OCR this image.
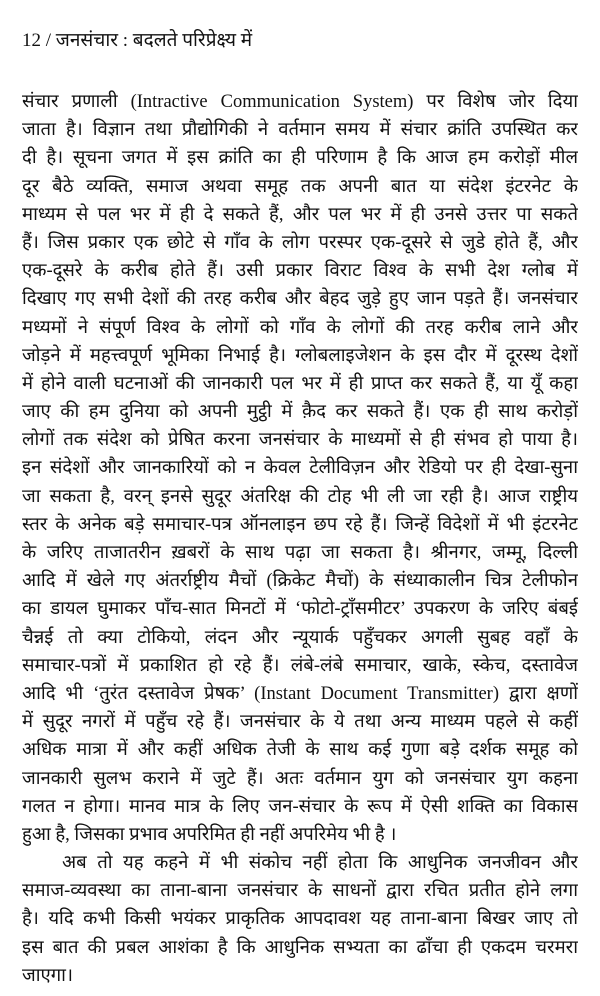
12 / जनसंचार : बदलते परिप्रेक्ष्य में
संचार प्रणाली (Intractive Communication System) पर विशेष जोर दिया
जाता है। विज्ञान तथा प्रौद्योगिकी ने वर्तमान समय में संचार क्रांति उपस्थित कर
दी है। सूचना जगत में इस क्रांति का ही परिणाम है कि आज हम करोड़ों मील
दूर बैठे व्यक्ति, समाज अथवा समूह तक अपनी बात या संदेश इंटरनेट के
माध्यम से पल भर में ही दे सकते हैं, और पल भर में ही उनसे उत्तर पा सकते
हैं। जिस प्रकार एक छोटे से गाँव के लोग परस्पर एक-दूसरे से जुडे होते हैं, और
एक-दूसरे के करीब होते हैं। उसी प्रकार विराट विश्व के सभी देश ग्लोब में
दिखाए गए सभी देशों की तरह करीब और बेहद जुड़े हुए जान पड़ते हैं। जनसंचार
मध्यमों ने संपूर्ण विश्व के लोगों को गाँव के लोगों की तरह करीब लाने और
जोड़ने में महत्त्वपूर्ण भूमिका निभाई है। ग्लोबलाइजेशन के इस दौर में दूरस्थ देशों
में होने वाली घटनाओं की जानकारी पल भर में ही प्राप्त कर सकते हैं, या यूँ कहा
जाए की हम दुनिया को अपनी मुट्ठी में क़ैद कर सकते हैं। एक ही साथ करोड़ों
लोगों तक संदेश को प्रेषित करना जनसंचार के माध्यमों से ही संभव हो पाया है।
इन संदेशों और जानकारियों को न केवल टेलीविज़न और रेडियो पर ही देखा-सुना
जा सकता है, वरन् इनसे सुदूर अंतरिक्ष की टोह भी ली जा रही है। आज राष्ट्रीय
स्तर के अनेक बड़े समाचार-पत्र ऑनलाइन छप रहे हैं। जिन्हें विदेशों में भी इंटरनेट
के जरिए ताजातरीन ख़बरों के साथ पढ़ा जा सकता है। श्रीनगर, जम्मू, दिल्ली
आदि में खेले गए अंतर्राष्ट्रीय मैचों (क्रिकेट मैचों) के संध्याकालीन चित्र टेलीफोन
का डायल घुमाकर पाँच-सात मिनटों में ‘फोटो-ट्राँसमीटर’ उपकरण के जरिए बंबई
चैन्नई तो क्या टोकियो, लंदन और न्यूयार्क पहुँचकर अगली सुबह वहाँ के
समाचार-पत्रों में प्रकाशित हो रहे हैं। लंबे-लंबे समाचार, खाके, स्केच, दस्तावेज
आदि भी ‘तुरंत दस्तावेज प्रेषक’ (Instant Document Transmitter) द्वारा क्षणों
में सुदूर नगरों में पहुँच रहे हैं। जनसंचार के ये तथा अन्य माध्यम पहले से कहीं
अधिक मात्रा में और कहीं अधिक तेजी के साथ कई गुणा बड़े दर्शक समूह को
जानकारी सुलभ कराने में जुटे हैं। अतः वर्तमान युग को जनसंचार युग कहना
गलत न होगा। मानव मात्र के लिए जन-संचार के रूप में ऐसी शक्ति का विकास
हुआ है, जिसका प्रभाव अपरिमित ही नहीं अपरिमेय भी है ।
अब तो यह कहने में भी संकोच नहीं होता कि आधुनिक जनजीवन और
समाज-व्यवस्था का ताना-बाना जनसंचार के साधनों द्वारा रचित प्रतीत होने लगा
है। यदि कभी किसी भयंकर प्राकृतिक आपदावश यह ताना-बाना बिखर जाए तो
इस बात की प्रबल आशंका है कि आधुनिक सभ्यता का ढाँचा ही एकदम चरमरा
जाएगा।
